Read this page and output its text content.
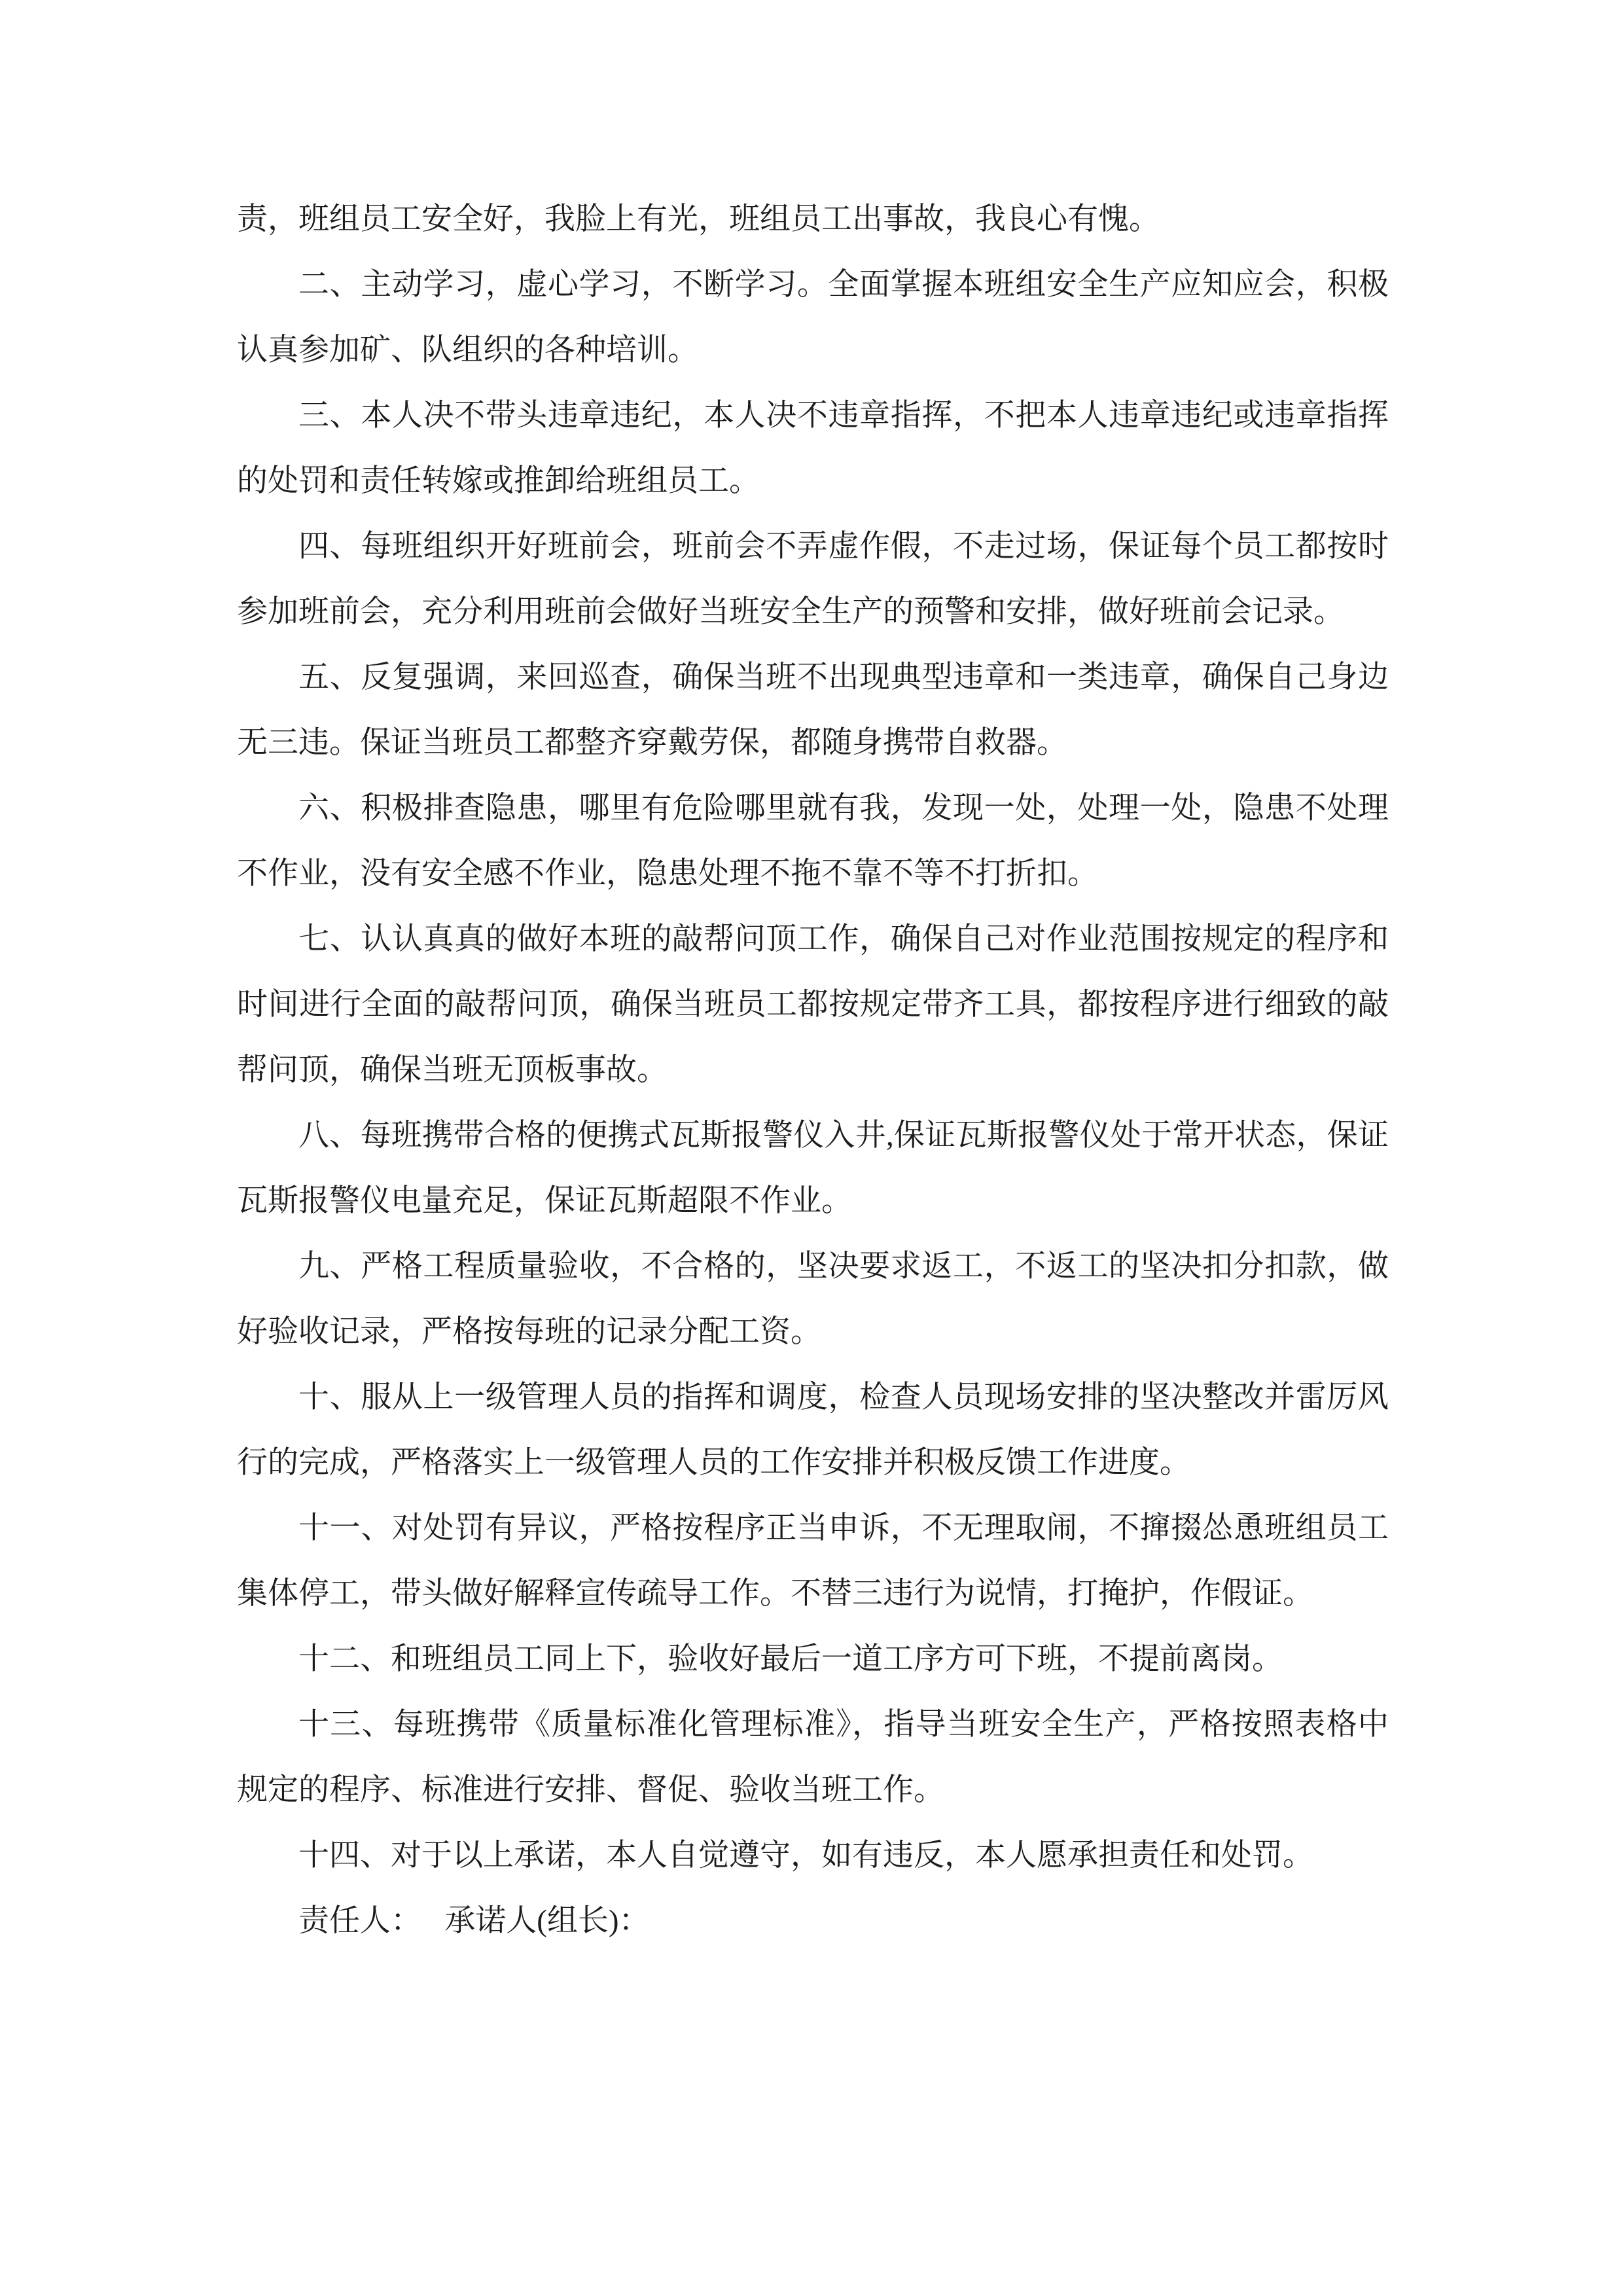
责，班组员工安全好，我脸上有光，班组员工出事故，我良心有愧。

二、主动学习，虚心学习，不断学习。全面掌握本班组安全生产应知应会，积极认真参加矿、队组织的各种培训。

三、本人决不带头违章违纪，本人决不违章指挥，不把本人违章违纪或违章指挥的处罚和责任转嫁或推卸给班组员工。

四、每班组织开好班前会，班前会不弄虚作假，不走过场，保证每个员工都按时参加班前会，充分利用班前会做好当班安全生产的预警和安排，做好班前会记录。

五、反复强调，来回巡查，确保当班不出现典型违章和一类违章，确保自己身边无三违。保证当班员工都整齐穿戴劳保，都随身携带自救器。

六、积极排查隐患，哪里有危险哪里就有我，发现一处，处理一处，隐患不处理不作业，没有安全感不作业，隐患处理不拖不靠不等不打折扣。

七、认认真真的做好本班的敲帮问顶工作，确保自己对作业范围按规定的程序和时间进行全面的敲帮问顶，确保当班员工都按规定带齐工具，都按程序进行细致的敲帮问顶，确保当班无顶板事故。

八、每班携带合格的便携式瓦斯报警仪入井,保证瓦斯报警仪处于常开状态，保证瓦斯报警仪电量充足，保证瓦斯超限不作业。

九、严格工程质量验收，不合格的，坚决要求返工，不返工的坚决扣分扣款，做好验收记录，严格按每班的记录分配工资。

十、服从上一级管理人员的指挥和调度，检查人员现场安排的坚决整改并雷厉风行的完成，严格落实上一级管理人员的工作安排并积极反馈工作进度。

十一、对处罚有异议，严格按程序正当申诉，不无理取闹，不撺掇怂恿班组员工集体停工，带头做好解释宣传疏导工作。不替三违行为说情，打掩护，作假证。

十二、和班组员工同上下，验收好最后一道工序方可下班，不提前离岗。

十三、每班携带《质量标准化管理标准》，指导当班安全生产，严格按照表格中规定的程序、标准进行安排、督促、验收当班工作。

十四、对于以上承诺，本人自觉遵守，如有违反，本人愿承担责任和处罚。

责任人：　 承诺人(组长)：
